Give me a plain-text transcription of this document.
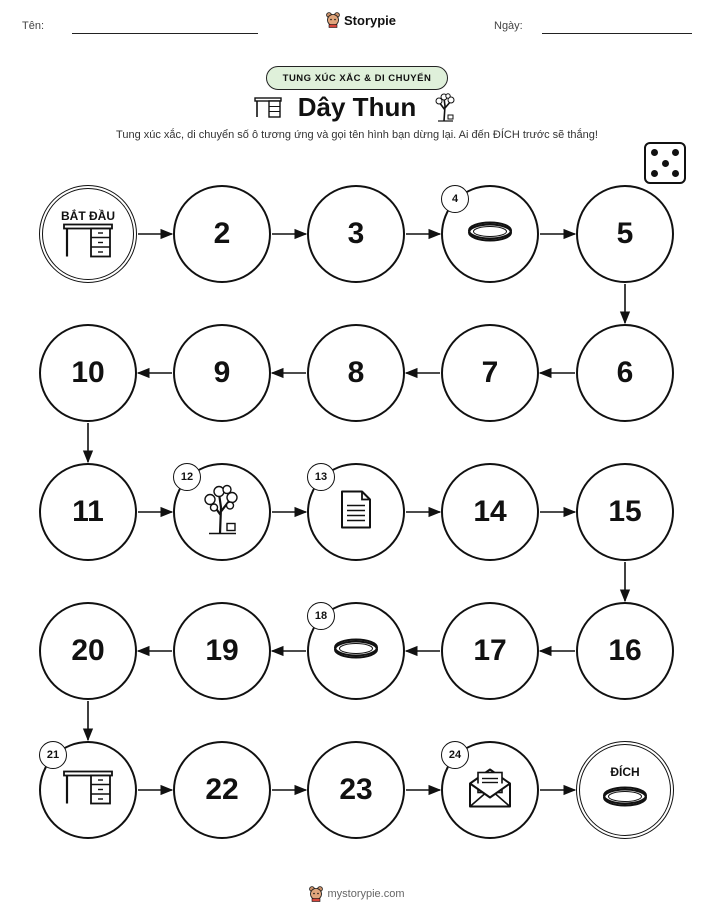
Tên:	Storypie	Ngày:
TUNG XÚC XẮC & DI CHUYỂN
Dây Thun
Tung xúc xắc, di chuyển số ô tương ứng và gọi tên hình bạn dừng lại. Ai đến ĐÍCH trước sẽ thắng!
BẮT ĐẦU
2	3
4
5
6
7
8
9
10
11
12	13
14	15
16
17
18
19
20
21
22	23
24
ĐÍCH
mystorypie.com
